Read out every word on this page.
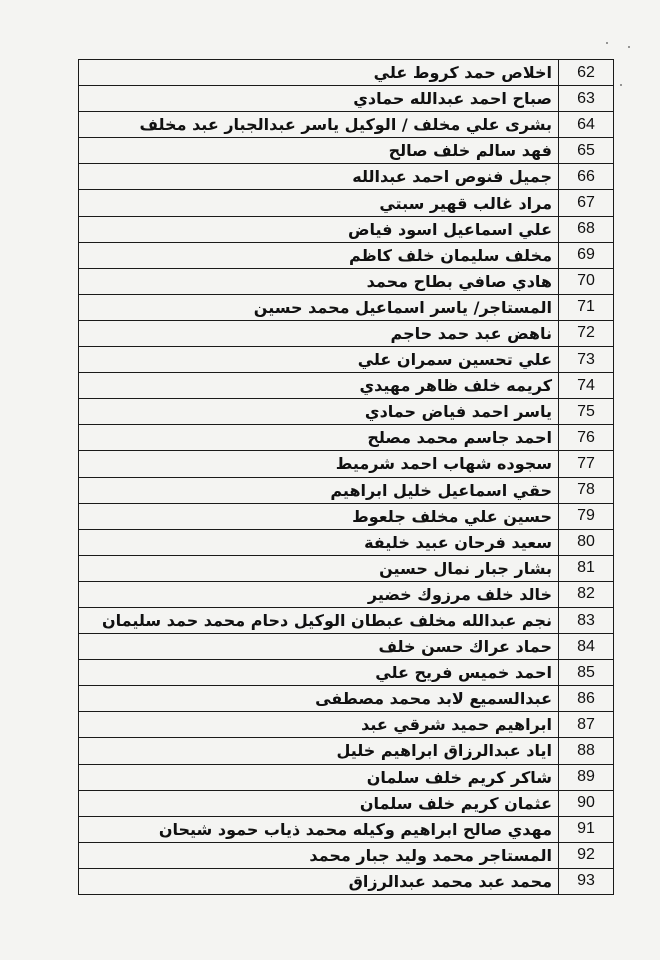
اخلاص حمد كروط علي	62
صباح احمد عبدالله حمادي	63
بشرى علي مخلف / الوكيل ياسر عبدالجبار عبد مخلف	64
فهد سالم خلف صالح	65
جميل فنوص احمد عبدالله	66
مراد غالب قهير سبتي	67
علي اسماعيل اسود فياض	68
مخلف سليمان خلف كاظم	69
هادي صافي بطاح محمد	70
المستاجر/ ياسر اسماعيل محمد حسين	71
ناهض عبد حمد حاجم	72
علي تحسين سمران علي	73
كريمه خلف ظاهر مهيدي	74
ياسر احمد فياض حمادي	75
احمد جاسم محمد مصلح	76
سجوده شهاب احمد شرميط	77
حقي اسماعيل خليل ابراهيم	78
حسين علي مخلف جلعوط	79
سعيد فرحان عبيد خليفة	80
بشار جبار نمال حسين	81
خالد خلف مرزوك خضير	82
نجم عبدالله مخلف عبطان الوكيل دحام محمد حمد سليمان	83
حماد عراك حسن خلف	84
احمد خميس فريح علي	85
عبدالسميع لابد محمد مصطفى	86
ابراهيم حميد شرقي عبد	87
اياد عبدالرزاق ابراهيم خليل	88
شاكر كريم خلف سلمان	89
عثمان كريم خلف سلمان	90
مهدي صالح ابراهيم وكيله محمد ذياب حمود شيحان	91
المستاجر محمد وليد جبار محمد	92
محمد عبد محمد عبدالرزاق	93
